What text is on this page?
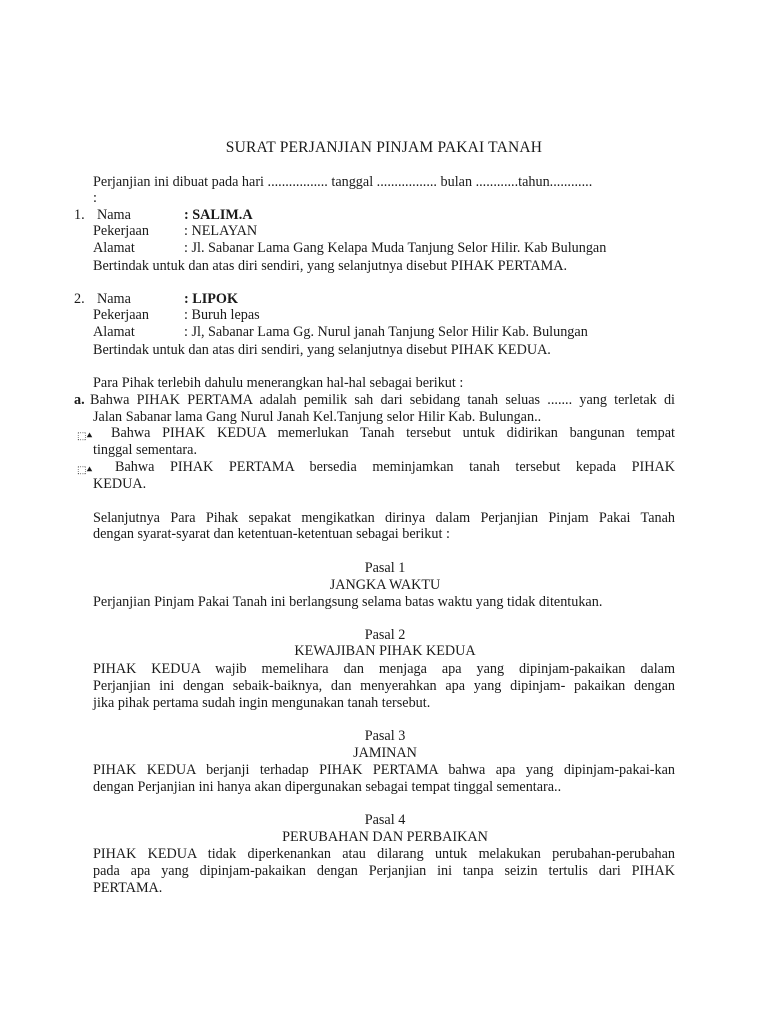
SURAT PERJANJIAN PINJAM PAKAI TANAH
Perjanjian ini dibuat pada hari ................. tanggal ................. bulan ............tahun............
:
1. Nama	: SALIM.A
Pekerjaan : NELAYAN
Alamat	: Jl. Sabanar Lama Gang Kelapa Muda Tanjung Selor Hilir. Kab Bulungan
Bertindak untuk dan atas diri sendiri, yang selanjutnya disebut PIHAK PERTAMA.
2. Nama	: LIPOK
Pekerjaan : Buruh lepas
Alamat	: Jl, Sabanar Lama Gg. Nurul janah Tanjung Selor Hilir Kab. Bulungan
Bertindak untuk dan atas diri sendiri, yang selanjutnya disebut PIHAK KEDUA.
Para Pihak terlebih dahulu menerangkan hal-hal sebagai berikut :
a. Bahwa PIHAK PERTAMA adalah pemilik sah dari sebidang tanah seluas ....... yang terletak di
Jalan Sabanar lama Gang Nurul Janah Kel.Tanjung selor Hilir Kab. Bulungan..
⬚⯅ Bahwa PIHAK KEDUA memerlukan Tanah tersebut untuk didirikan bangunan tempat
tinggal sementara.
⬚⯅ Bahwa PIHAK PERTAMA bersedia meminjamkan tanah tersebut kepada PIHAK
KEDUA.
Selanjutnya Para Pihak sepakat mengikatkan dirinya dalam Perjanjian Pinjam Pakai Tanah
dengan syarat-syarat dan ketentuan-ketentuan sebagai berikut :
Pasal 1
JANGKA WAKTU
Perjanjian Pinjam Pakai Tanah ini berlangsung selama batas waktu yang tidak ditentukan.
Pasal 2
KEWAJIBAN PIHAK KEDUA
PIHAK KEDUA wajib memelihara dan menjaga apa yang dipinjam-pakaikan dalam
Perjanjian ini dengan sebaik-baiknya, dan menyerahkan apa yang dipinjam- pakaikan dengan
jika pihak pertama sudah ingin mengunakan tanah tersebut.
Pasal 3
JAMINAN
PIHAK KEDUA berjanji terhadap PIHAK PERTAMA bahwa apa yang dipinjam-pakai-kan
dengan Perjanjian ini hanya akan dipergunakan sebagai tempat tinggal sementara..
Pasal 4
PERUBAHAN DAN PERBAIKAN
PIHAK KEDUA tidak diperkenankan atau dilarang untuk melakukan perubahan-perubahan
pada apa yang dipinjam-pakaikan dengan Perjanjian ini tanpa seizin tertulis dari PIHAK
PERTAMA.
